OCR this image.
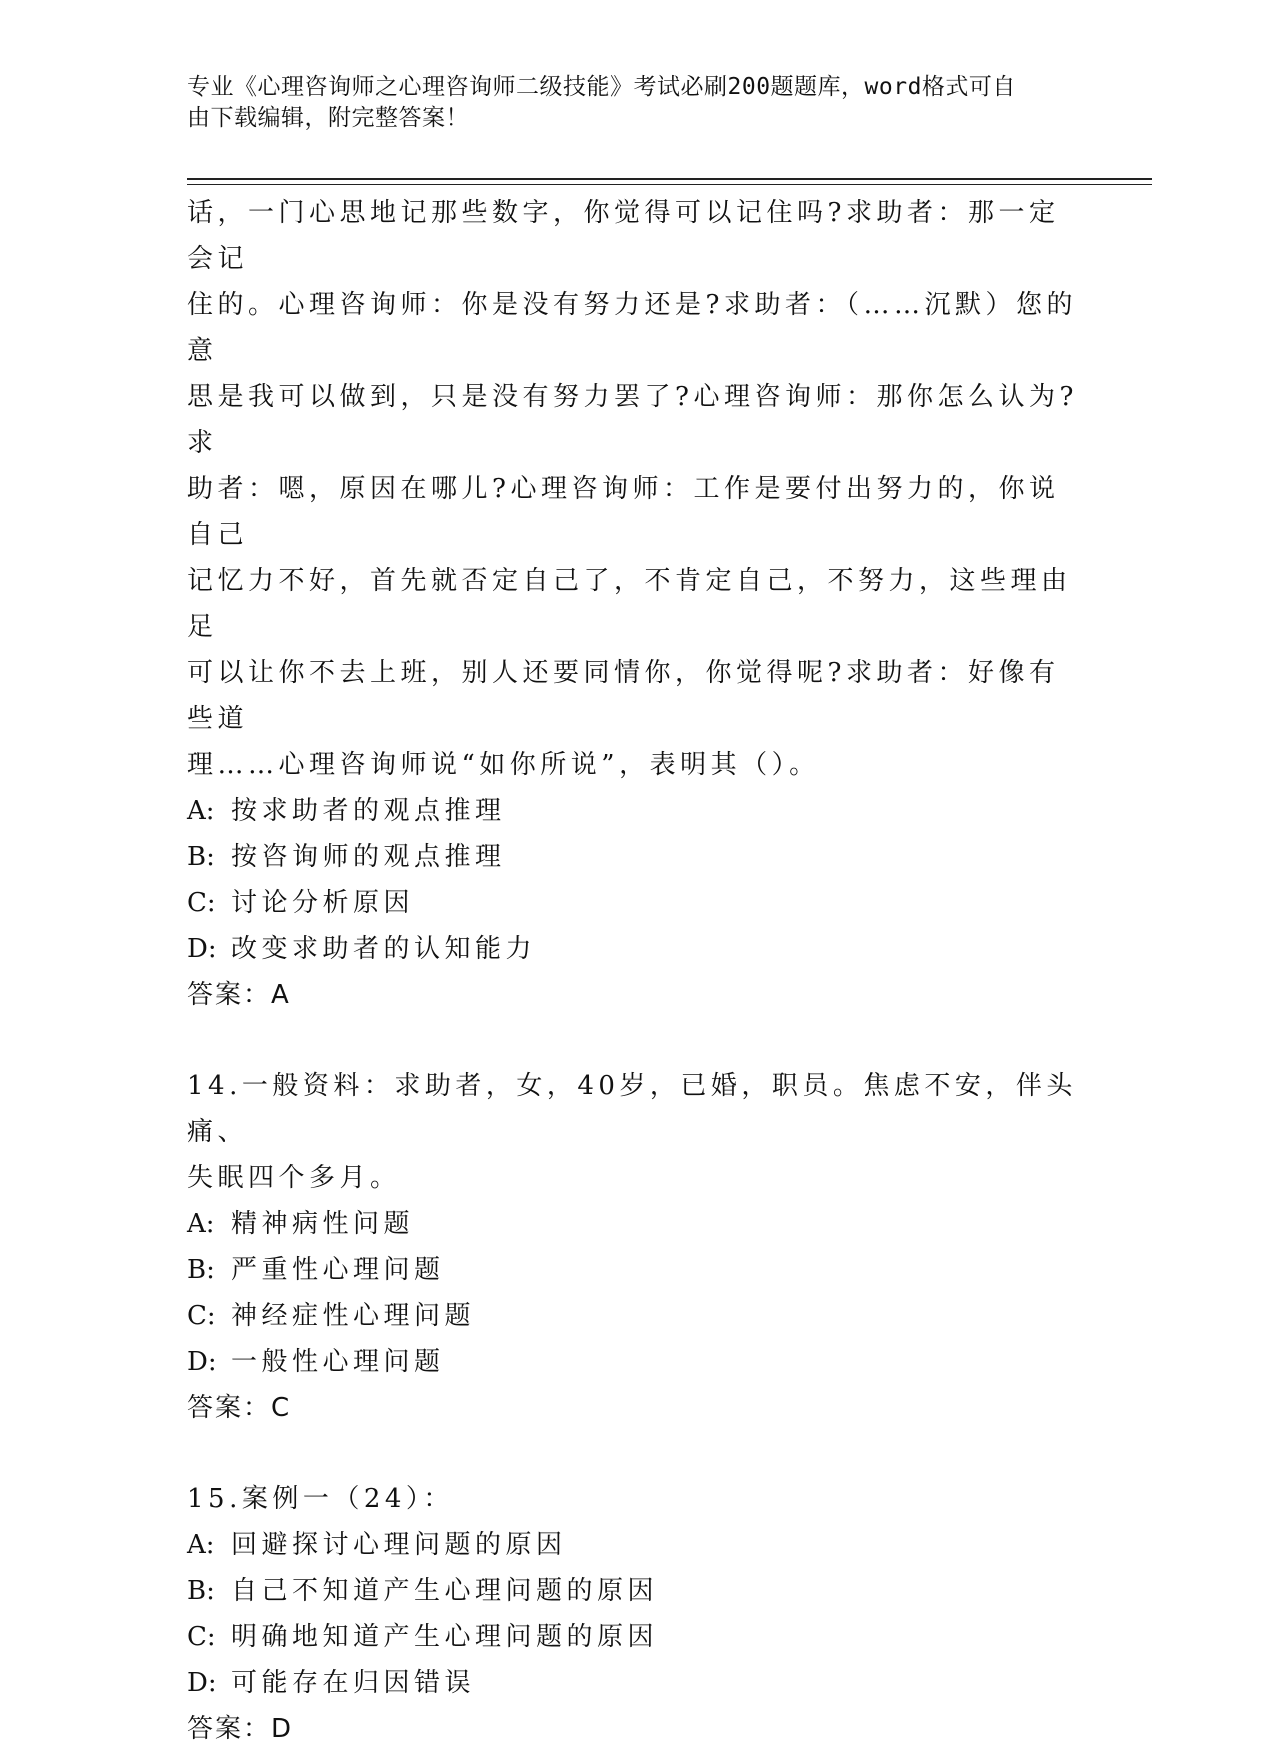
专业《心理咨询师之心理咨询师二级技能》考试必刷200题题库，word格式可自
由下载编辑，附完整答案！

话，一门心思地记那些数字，你觉得可以记住吗?求助者：那一定会记

住的。心理咨询师：你是没有努力还是?求助者：（……沉默）您的意

思是我可以做到，只是没有努力罢了?心理咨询师：那你怎么认为?求

助者：嗯，原因在哪儿?心理咨询师：工作是要付出努力的，你说自己

记忆力不好，首先就否定自己了，不肯定自己，不努力，这些理由足

可以让你不去上班，别人还要同情你，你觉得呢?求助者：好像有些道

理……心理咨询师说“如你所说”，表明其（）。

A: 按求助者的观点推理

B: 按咨询师的观点推理

C: 讨论分析原因

D: 改变求助者的认知能力

答案：A

14.一般资料：求助者，女，40岁，已婚，职员。焦虑不安，伴头痛、

失眠四个多月。

A: 精神病性问题

B: 严重性心理问题

C: 神经症性心理问题

D: 一般性心理问题

答案：C

15.案例一（24）：

A: 回避探讨心理问题的原因

B: 自己不知道产生心理问题的原因

C: 明确地知道产生心理问题的原因

D: 可能存在归因错误

答案：D
